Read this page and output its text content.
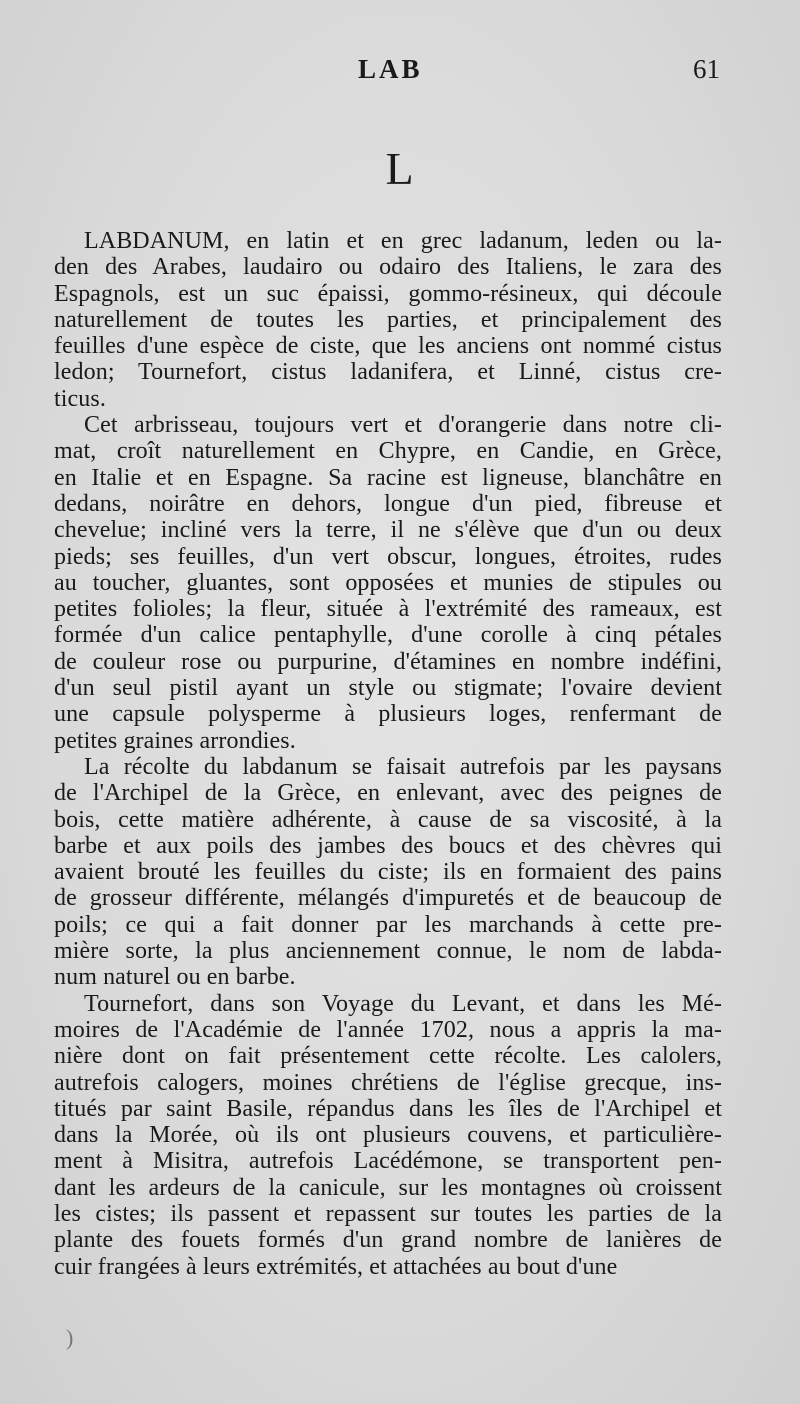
LAB	61
L
LABDANUM, en latin et en grec ladanum, leden ou la-
den des Arabes, laudairo ou odairo des Italiens, le zara des
Espagnols, est un suc épaissi, gommo-résineux, qui découle
naturellement de toutes les parties, et principalement des
feuilles d'une espèce de ciste, que les anciens ont nommé cistus
ledon; Tournefort, cistus ladanifera, et Linné, cistus cre-
ticus.
Cet arbrisseau, toujours vert et d'orangerie dans notre cli-
mat, croît naturellement en Chypre, en Candie, en Grèce,
en Italie et en Espagne. Sa racine est ligneuse, blanchâtre en
dedans, noirâtre en dehors, longue d'un pied, fibreuse et
chevelue; incliné vers la terre, il ne s'élève que d'un ou deux
pieds; ses feuilles, d'un vert obscur, longues, étroites, rudes
au toucher, gluantes, sont opposées et munies de stipules ou
petites folioles; la fleur, située à l'extrémité des rameaux, est
formée d'un calice pentaphylle, d'une corolle à cinq pétales
de couleur rose ou purpurine, d'étamines en nombre indéfini,
d'un seul pistil ayant un style ou stigmate; l'ovaire devient
une capsule polysperme à plusieurs loges, renfermant de
petites graines arrondies.
La récolte du labdanum se faisait autrefois par les paysans
de l'Archipel de la Grèce, en enlevant, avec des peignes de
bois, cette matière adhérente, à cause de sa viscosité, à la
barbe et aux poils des jambes des boucs et des chèvres qui
avaient brouté les feuilles du ciste; ils en formaient des pains
de grosseur différente, mélangés d'impuretés et de beaucoup de
poils; ce qui a fait donner par les marchands à cette pre-
mière sorte, la plus anciennement connue, le nom de labda-
num naturel ou en barbe.
Tournefort, dans son Voyage du Levant, et dans les Mé-
moires de l'Académie de l'année 1702, nous a appris la ma-
nière dont on fait présentement cette récolte. Les calolers,
autrefois calogers, moines chrétiens de l'église grecque, ins-
titués par saint Basile, répandus dans les îles de l'Archipel et
dans la Morée, où ils ont plusieurs couvens, et particulière-
ment à Misitra, autrefois Lacédémone, se transportent pen-
dant les ardeurs de la canicule, sur les montagnes où croissent
les cistes; ils passent et repassent sur toutes les parties de la
plante des fouets formés d'un grand nombre de lanières de
cuir frangées à leurs extrémités, et attachées au bout d'une
)
